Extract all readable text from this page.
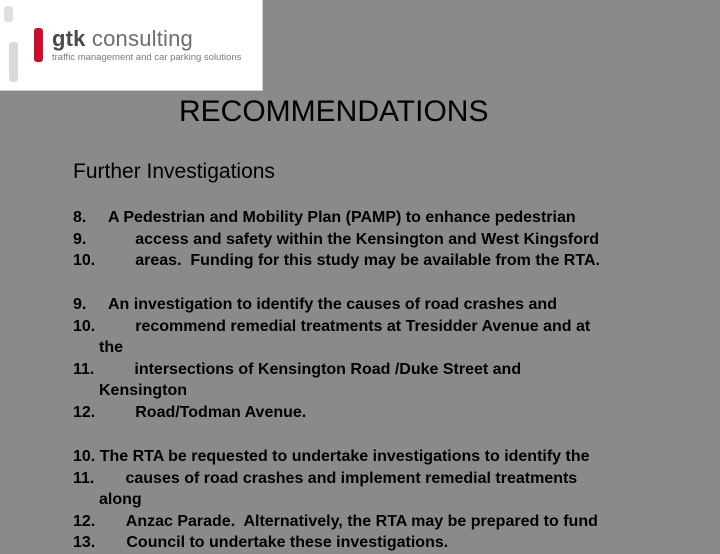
gtk consulting
traffic management and car parking solutions
RECOMMENDATIONS
Further Investigations
8.     A Pedestrian and Mobility Plan (PAMP) to enhance pedestrian
9.           access and safety within the Kensington and West Kingsford
10.         areas.  Funding for this study may be available from the RTA.
9.     An investigation to identify the causes of road crashes and
10.         recommend remedial treatments at Tresidder Avenue and at
the
11.         intersections of Kensington Road /Duke Street and
Kensington
12.         Road/Todman Avenue.
10. The RTA be requested to undertake investigations to identify the
11.       causes of road crashes and implement remedial treatments
along
12.       Anzac Parade.  Alternatively, the RTA may be prepared to fund
13.       Council to undertake these investigations.
